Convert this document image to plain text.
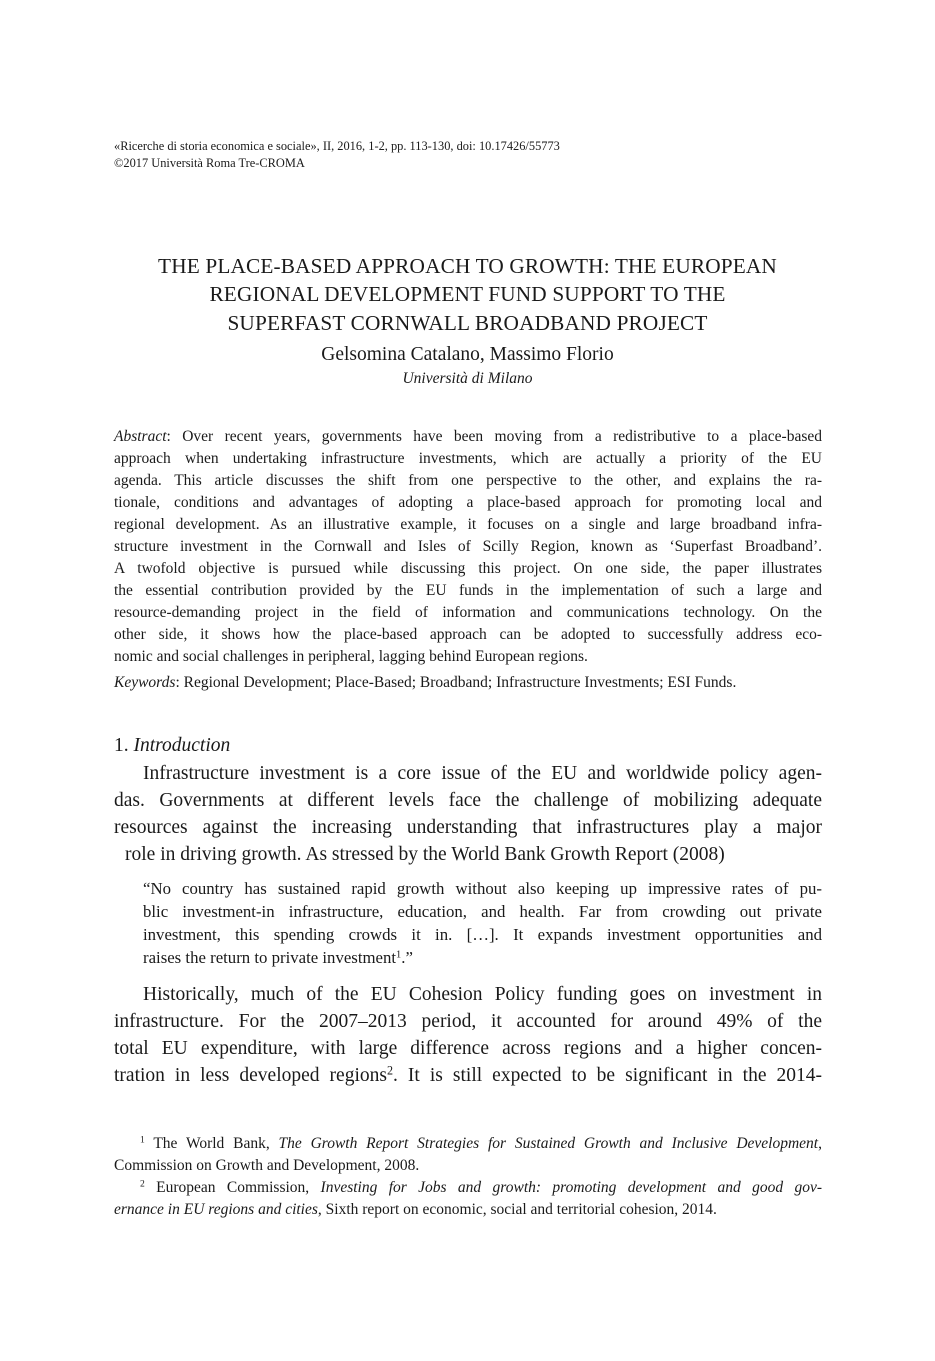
«Ricerche di storia economica e sociale», II, 2016, 1-2, pp. 113-130, doi: 10.17426/55773
©2017 Università Roma Tre-CROMA
THE PLACE-BASED APPROACH TO GROWTH: THE EUROPEAN
REGIONAL DEVELOPMENT FUND SUPPORT TO THE
SUPERFAST CORNWALL BROADBAND PROJECT
Gelsomina Catalano, Massimo Florio
Università di Milano
Abstract: Over recent years, governments have been moving from a redistributive to a place-based
approach when undertaking infrastructure investments, which are actually a priority of the EU
agenda. This article discusses the shift from one perspective to the other, and explains the ra-
tionale, conditions and advantages of adopting a place-based approach for promoting local and
regional development. As an illustrative example, it focuses on a single and large broadband infra-
structure investment in the Cornwall and Isles of Scilly Region, known as ‘Superfast Broadband’.
A twofold objective is pursued while discussing this project. On one side, the paper illustrates
the essential contribution provided by the EU funds in the implementation of such a large and
resource-demanding project in the field of information and communications technology. On the
other side, it shows how the place-based approach can be adopted to successfully address eco-
nomic and social challenges in peripheral, lagging behind European regions.
Keywords: Regional Development; Place-Based; Broadband; Infrastructure Investments; ESI Funds.
1. Introduction
Infrastructure investment is a core issue of the EU and worldwide policy agen-
das. Governments at different levels face the challenge of mobilizing adequate
resources against the increasing understanding that infrastructures play a major
role in driving growth. As stressed by the World Bank Growth Report (2008)
“No country has sustained rapid growth without also keeping up impressive rates of pu-
blic investment-in infrastructure, education, and health. Far from crowding out private
investment, this spending crowds it in. […]. It expands investment opportunities and
raises the return to private investment$^1$.”
Historically, much of the EU Cohesion Policy funding goes on investment in
infrastructure. For the 2007–2013 period, it accounted for around 49% of the
total EU expenditure, with large difference across regions and a higher concen-
tration in less developed regions$^2$. It is still expected to be significant in the 2014-
$^1$ The World Bank, The Growth Report Strategies for Sustained Growth and Inclusive Development,
Commission on Growth and Development, 2008.
$^2$ European Commission, Investing for Jobs and growth: promoting development and good gov-
ernance in EU regions and cities, Sixth report on economic, social and territorial cohesion, 2014.
